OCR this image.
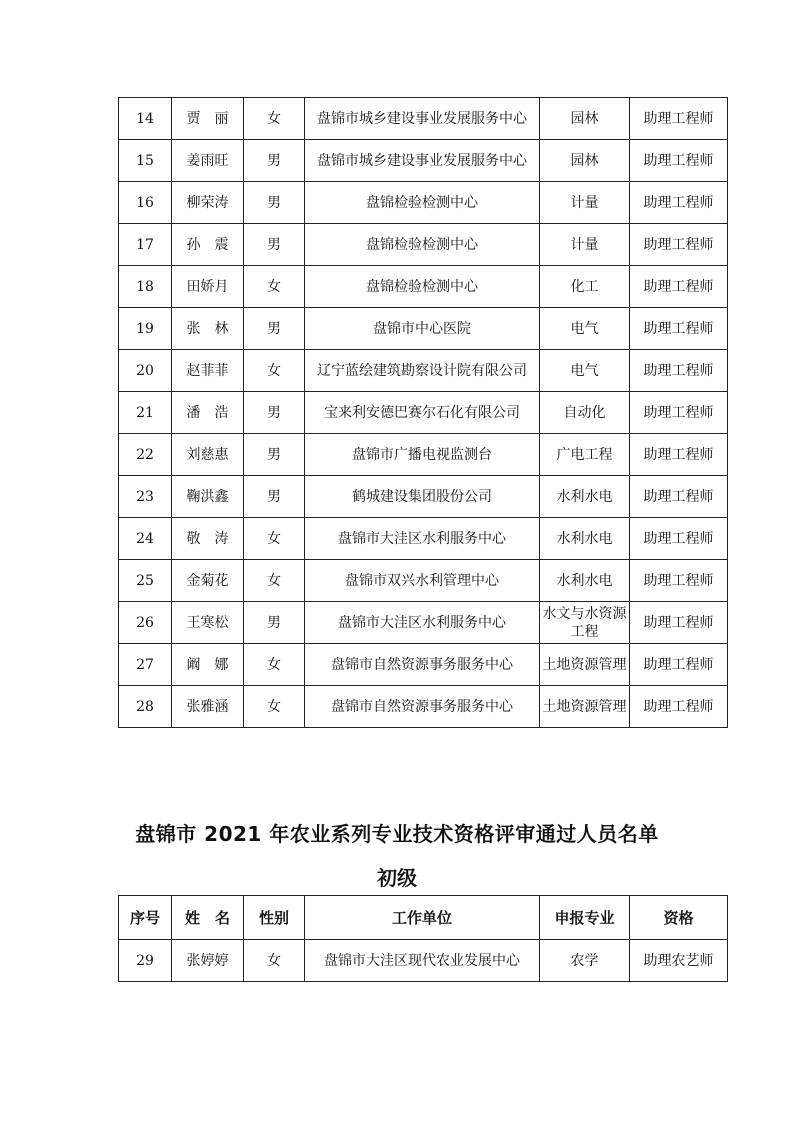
14	贾　丽	女	盘锦市城乡建设事业发展服务中心	园林	助理工程师
15	姜雨旺	男	盘锦市城乡建设事业发展服务中心	园林	助理工程师
16	柳荣涛	男	盘锦检验检测中心	计量	助理工程师
17	孙　震	男	盘锦检验检测中心	计量	助理工程师
18	田娇月	女	盘锦检验检测中心	化工	助理工程师
19	张　林	男	盘锦市中心医院	电气	助理工程师
20	赵菲菲	女	辽宁蓝绘建筑勘察设计院有限公司	电气	助理工程师
21	潘　浩	男	宝来利安德巴赛尔石化有限公司	自动化	助理工程师
22	刘慈惠	男	盘锦市广播电视监测台	广电工程	助理工程师
23	鞠洪鑫	男	鹤城建设集团股份公司	水利水电	助理工程师
24	敬　涛	女	盘锦市大洼区水利服务中心	水利水电	助理工程师
25	金菊花	女	盘锦市双兴水利管理中心	水利水电	助理工程师
26	王寒松	男	盘锦市大洼区水利服务中心	水文与水资源工程	助理工程师
27	阚　娜	女	盘锦市自然资源事务服务中心	土地资源管理	助理工程师
28	张雅涵	女	盘锦市自然资源事务服务中心	土地资源管理	助理工程师
盘锦市 2021 年农业系列专业技术资格评审通过人员名单
初级
序号	姓　名	性别	工作单位	申报专业	资格
29	张婷婷	女	盘锦市大洼区现代农业发展中心	农学	助理农艺师
